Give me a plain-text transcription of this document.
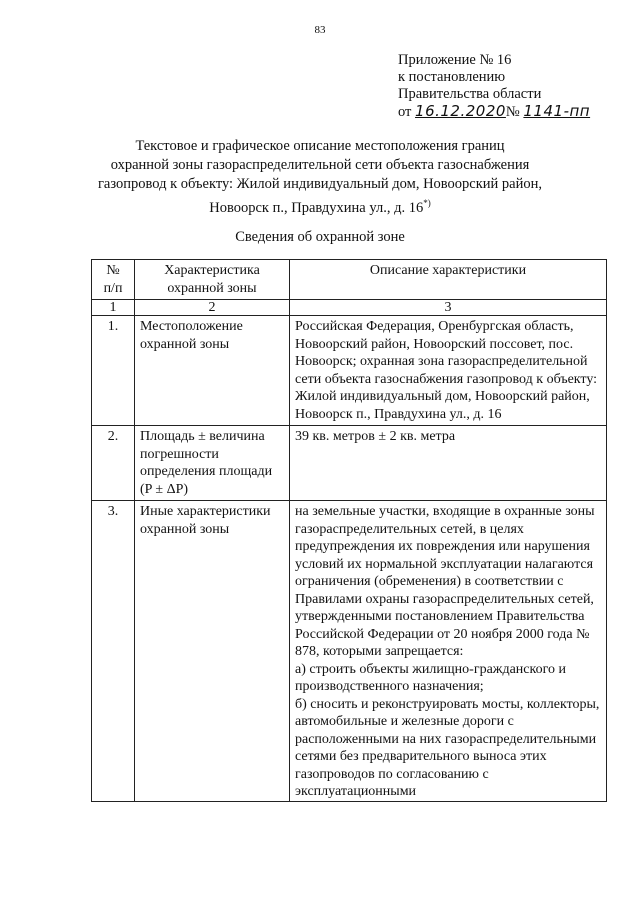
83
Приложение № 16
к постановлению
Правительства области
от 16.12.2020№ 1141-пп
Текстовое и графическое описание местоположения границ
охранной зоны газораспределительной сети объекта газоснабжения
газопровод к объекту: Жилой индивидуальный дом, Новоорский район,
Новоорск п., Правдухина ул., д. 16*)
Сведения об охранной зоне
№
п/п	Характеристика охранной зоны	Описание характеристики
1	2	3
1.	Местоположение охранной зоны	Российская Федерация, Оренбургская область, Новоорский район, Новоорский поссовет, пос. Новоорск; охранная зона газораспределительной сети объекта газоснабжения газопровод к объекту: Жилой индивидуальный дом, Новоорский район, Новоорск п., Правдухина ул., д. 16
2.	Площадь ± величина погрешности определения площади (P ± ΔP)	39 кв. метров ± 2 кв. метра
3.	Иные характеристики охранной зоны	на земельные участки, входящие в охранные зоны газораспределительных сетей, в целях предупреждения их повреждения или нарушения условий их нормальной эксплуатации налагаются ограничения (обременения) в соответствии с Правилами охраны газораспределительных сетей, утвержденными постановлением Правительства Российской Федерации от 20 ноября 2000 года № 878, которыми запрещается:
а) строить объекты жилищно-гражданского и производственного назначения;
б) сносить и реконструировать мосты, коллекторы, автомобильные и железные дороги с расположенными на них газораспределительными сетями без предварительного выноса этих газопроводов по согласованию с эксплуатационными
